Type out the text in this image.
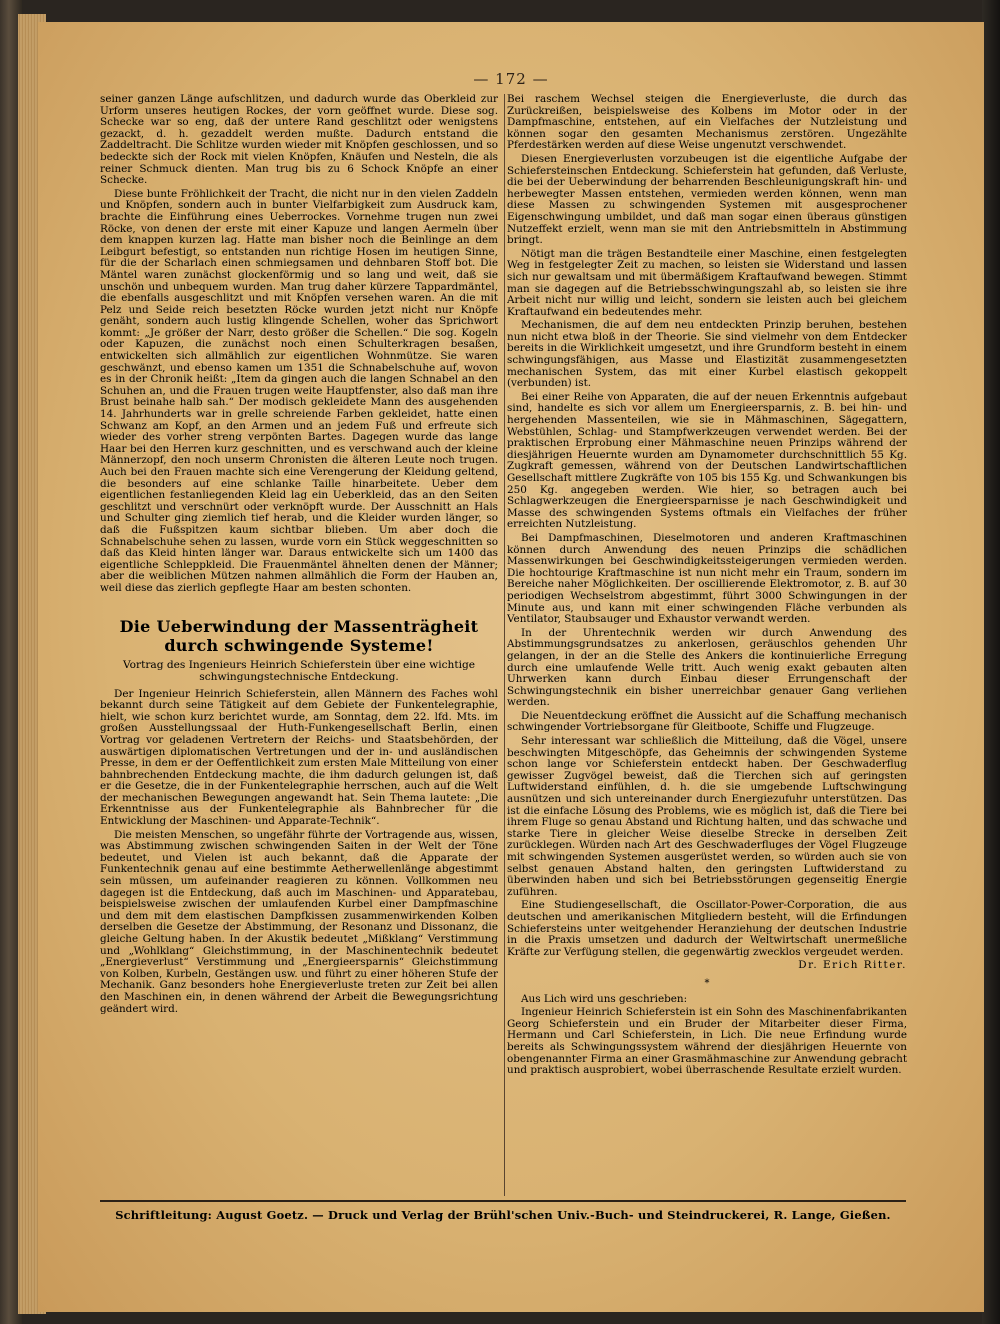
— 172 —

seiner ganzen Länge aufschlitzen, und dadurch wurde das Oberkleid zur Urform unseres heutigen Rockes, der vorn geöffnet wurde. Diese sog. Schecke war so eng, daß der untere Rand geschlitzt oder wenigstens gezackt, d. h. gezaddelt werden mußte. Dadurch entstand die Zaddeltracht. Die Schlitze wurden wieder mit Knöpfen geschlossen, und so bedeckte sich der Rock mit vielen Knöpfen, Knäufen und Nesteln, die als reiner Schmuck dienten. Man trug bis zu 6 Schock Knöpfe an einer Schecke.

Diese bunte Fröhlichkeit der Tracht, die nicht nur in den vielen Zaddeln und Knöpfen, sondern auch in bunter Vielfarbigkeit zum Ausdruck kam, brachte die Einführung eines Ueberrockes. Vornehme trugen nun zwei Röcke, von denen der erste mit einer Kapuze und langen Aermeln über dem knappen kurzen lag. Hatte man bisher noch die Beinlinge an dem Leibgurt befestigt, so entstanden nun richtige Hosen im heutigen Sinne, für die der Scharlach einen schmiegsamen und dehnbaren Stoff bot. Die Mäntel waren zunächst glockenförmig und so lang und weit, daß sie unschön und unbequem wurden. Man trug daher kürzere Tappardmäntel, die ebenfalls ausgeschlitzt und mit Knöpfen versehen waren. An die mit Pelz und Seide reich besetzten Röcke wurden jetzt nicht nur Knöpfe genäht, sondern auch lustig klingende Schellen, woher das Sprichwort kommt: „Je größer der Narr, desto größer die Schellen.“ Die sog. Kogeln oder Kapuzen, die zunächst noch einen Schulterkragen besaßen, entwickelten sich allmählich zur eigentlichen Wohnmütze. Sie waren geschwänzt, und ebenso kamen um 1351 die Schnabelschuhe auf, wovon es in der Chronik heißt: „Item da gingen auch die langen Schnabel an den Schuhen an, und die Frauen trugen weite Hauptfenster, also daß man ihre Brust beinahe halb sah.“ Der modisch gekleidete Mann des ausgehenden 14. Jahrhunderts war in grelle schreiende Farben gekleidet, hatte einen Schwanz am Kopf, an den Armen und an jedem Fuß und erfreute sich wieder des vorher streng verpönten Bartes. Dagegen wurde das lange Haar bei den Herren kurz geschnitten, und es verschwand auch der kleine Männerzopf, den noch unserm Chronisten die älteren Leute noch trugen. Auch bei den Frauen machte sich eine Verengerung der Kleidung geltend, die besonders auf eine schlanke Taille hinarbeitete. Ueber dem eigentlichen festanliegenden Kleid lag ein Ueberkleid, das an den Seiten geschlitzt und verschnürt oder verknöpft wurde. Der Ausschnitt an Hals und Schulter ging ziemlich tief herab, und die Kleider wurden länger, so daß die Fußspitzen kaum sichtbar blieben. Um aber doch die Schnabelschuhe sehen zu lassen, wurde vorn ein Stück weggeschnitten so daß das Kleid hinten länger war. Daraus entwickelte sich um 1400 das eigentliche Schleppkleid. Die Frauenmäntel ähnelten denen der Männer; aber die weiblichen Mützen nahmen allmählich die Form der Hauben an, weil diese das zierlich gepflegte Haar am besten schonten.

Die Ueberwindung der Massenträgheit durch schwingende Systeme!
Vortrag des Ingenieurs Heinrich Schieferstein über eine wichtige schwingungstechnische Entdeckung.

Der Ingenieur Heinrich Schieferstein, allen Männern des Faches wohl bekannt durch seine Tätigkeit auf dem Gebiete der Funkentelegraphie, hielt, wie schon kurz berichtet wurde, am Sonntag, dem 22. lfd. Mts. im großen Ausstellungssaal der Huth-Funkengesellschaft Berlin, einen Vortrag vor geladenen Vertretern der Reichs- und Staatsbehörden, der auswärtigen diplomatischen Vertretungen und der in- und ausländischen Presse, in dem er der Oeffentlichkeit zum ersten Male Mitteilung von einer bahnbrechenden Entdeckung machte, die ihm dadurch gelungen ist, daß er die Gesetze, die in der Funkentelegraphie herrschen, auch auf die Welt der mechanischen Bewegungen angewandt hat. Sein Thema lautete: „Die Erkenntnisse aus der Funkentelegraphie als Bahnbrecher für die Entwicklung der Maschinen- und Apparate-Technik“.

Die meisten Menschen, so ungefähr führte der Vortragende aus, wissen, was Abstimmung zwischen schwingenden Saiten in der Welt der Töne bedeutet, und Vielen ist auch bekannt, daß die Apparate der Funkentechnik genau auf eine bestimmte Aetherwellenlänge abgestimmt sein müssen, um aufeinander reagieren zu können. Vollkommen neu dagegen ist die Entdeckung, daß auch im Maschinen- und Apparatebau, beispielsweise zwischen der umlaufenden Kurbel einer Dampfmaschine und dem mit dem elastischen Dampfkissen zusammenwirkenden Kolben derselben die Gesetze der Abstimmung, der Resonanz und Dissonanz, die gleiche Geltung haben. In der Akustik bedeutet „Mißklang“ Verstimmung und „Wohlklang“ Gleichstimmung, in der Maschinentechnik bedeutet „Energieverlust“ Verstimmung und „Energieersparnis“ Gleichstimmung von Kolben, Kurbeln, Gestängen usw. und führt zu einer höheren Stufe der Mechanik. Ganz besonders hohe Energieverluste treten zur Zeit bei allen den Maschinen ein, in denen während der Arbeit die Bewegungsrichtung geändert wird.

Bei raschem Wechsel steigen die Energieverluste, die durch das Zurückreißen, beispielsweise des Kolbens im Motor oder in der Dampfmaschine, entstehen, auf ein Vielfaches der Nutzleistung und können sogar den gesamten Mechanismus zerstören. Ungezählte Pferdestärken werden auf diese Weise ungenutzt verschwendet.

Diesen Energieverlusten vorzubeugen ist die eigentliche Aufgabe der Schiefersteinschen Entdeckung. Schieferstein hat gefunden, daß Verluste, die bei der Ueberwindung der beharrenden Beschleunigungskraft hin- und herbewegter Massen entstehen, vermieden werden können, wenn man diese Massen zu schwingenden Systemen mit ausgesprochener Eigenschwingung umbildet, und daß man sogar einen überaus günstigen Nutzeffekt erzielt, wenn man sie mit den Antriebsmitteln in Abstimmung bringt.

Nötigt man die trägen Bestandteile einer Maschine, einen festgelegten Weg in festgelegter Zeit zu machen, so leisten sie Widerstand und lassen sich nur gewaltsam und mit übermäßigem Kraftaufwand bewegen. Stimmt man sie dagegen auf die Betriebsschwingungszahl ab, so leisten sie ihre Arbeit nicht nur willig und leicht, sondern sie leisten auch bei gleichem Kraftaufwand ein bedeutendes mehr.

Mechanismen, die auf dem neu entdeckten Prinzip beruhen, bestehen nun nicht etwa bloß in der Theorie. Sie sind vielmehr von dem Entdecker bereits in die Wirklichkeit umgesetzt, und ihre Grundform besteht in einem schwingungsfähigen, aus Masse und Elastizität zusammengesetzten mechanischen System, das mit einer Kurbel elastisch gekoppelt (verbunden) ist.

Bei einer Reihe von Apparaten, die auf der neuen Erkenntnis aufgebaut sind, handelte es sich vor allem um Energieersparnis, z. B. bei hin- und hergehenden Massenteilen, wie sie in Mähmaschinen, Sägegattern, Webstühlen, Schlag- und Stampfwerkzeugen verwendet werden. Bei der praktischen Erprobung einer Mähmaschine neuen Prinzips während der diesjährigen Heuernte wurden am Dynamometer durchschnittlich 55 Kg. Zugkraft gemessen, während von der Deutschen Landwirtschaftlichen Gesellschaft mittlere Zugkräfte von 105 bis 155 Kg. und Schwankungen bis 250 Kg. angegeben werden. Wie hier, so betragen auch bei Schlagwerkzeugen die Energieersparnisse je nach Geschwindigkeit und Masse des schwingenden Systems oftmals ein Vielfaches der früher erreichten Nutzleistung.

Bei Dampfmaschinen, Dieselmotoren und anderen Kraftmaschinen können durch Anwendung des neuen Prinzips die schädlichen Massenwirkungen bei Geschwindigkeitssteigerungen vermieden werden. Die hochtourige Kraftmaschine ist nun nicht mehr ein Traum, sondern im Bereiche naher Möglichkeiten. Der oscillierende Elektromotor, z. B. auf 30 periodigen Wechselstrom abgestimmt, führt 3000 Schwingungen in der Minute aus, und kann mit einer schwingenden Fläche verbunden als Ventilator, Staubsauger und Exhaustor verwandt werden.

In der Uhrentechnik werden wir durch Anwendung des Abstimmungsgrundsatzes zu ankerlosen, geräuschlos gehenden Uhr gelangen, in der an die Stelle des Ankers die kontinuierliche Erregung durch eine umlaufende Welle tritt. Auch wenig exakt gebauten alten Uhrwerken kann durch Einbau dieser Errungenschaft der Schwingungstechnik ein bisher unerreichbar genauer Gang verliehen werden.

Die Neuentdeckung eröffnet die Aussicht auf die Schaffung mechanisch schwingender Vortriebsorgane für Gleitboote, Schiffe und Flugzeuge.

Sehr interessant war schließlich die Mitteilung, daß die Vögel, unsere beschwingten Mitgeschöpfe, das Geheimnis der schwingenden Systeme schon lange vor Schieferstein entdeckt haben. Der Geschwaderflug gewisser Zugvögel beweist, daß die Tierchen sich auf geringsten Luftwiderstand einfühlen, d. h. die sie umgebende Luftschwingung ausnützen und sich untereinander durch Energiezufuhr unterstützen. Das ist die einfache Lösung des Problems, wie es möglich ist, daß die Tiere bei ihrem Fluge so genau Abstand und Richtung halten, und das schwache und starke Tiere in gleicher Weise dieselbe Strecke in derselben Zeit zurücklegen. Würden nach Art des Geschwaderfluges der Vögel Flugzeuge mit schwingenden Systemen ausgerüstet werden, so würden auch sie von selbst genauen Abstand halten, den geringsten Luftwiderstand zu überwinden haben und sich bei Betriebsstörungen gegenseitig Energie zuführen.

Eine Studiengesellschaft, die Oscillator-Power-Corporation, die aus deutschen und amerikanischen Mitgliedern besteht, will die Erfindungen Schiefersteins unter weitgehender Heranziehung der deutschen Industrie in die Praxis umsetzen und dadurch der Weltwirtschaft unermeßliche Kräfte zur Verfügung stellen, die gegenwärtig zwecklos vergeudet werden.

Dr. Erich Ritter.
*

Aus Lich wird uns geschrieben:

Ingenieur Heinrich Schieferstein ist ein Sohn des Maschinenfabrikanten Georg Schieferstein und ein Bruder der Mitarbeiter dieser Firma, Hermann und Carl Schieferstein, in Lich. Die neue Erfindung wurde bereits als Schwingungssystem während der diesjährigen Heuernte von obengenannter Firma an einer Grasmähmaschine zur Anwendung gebracht und praktisch ausprobiert, wobei überraschende Resultate erzielt wurden.

Schriftleitung: August Goetz. — Druck und Verlag der Brühl'schen Univ.-Buch- und Steindruckerei, R. Lange, Gießen.
